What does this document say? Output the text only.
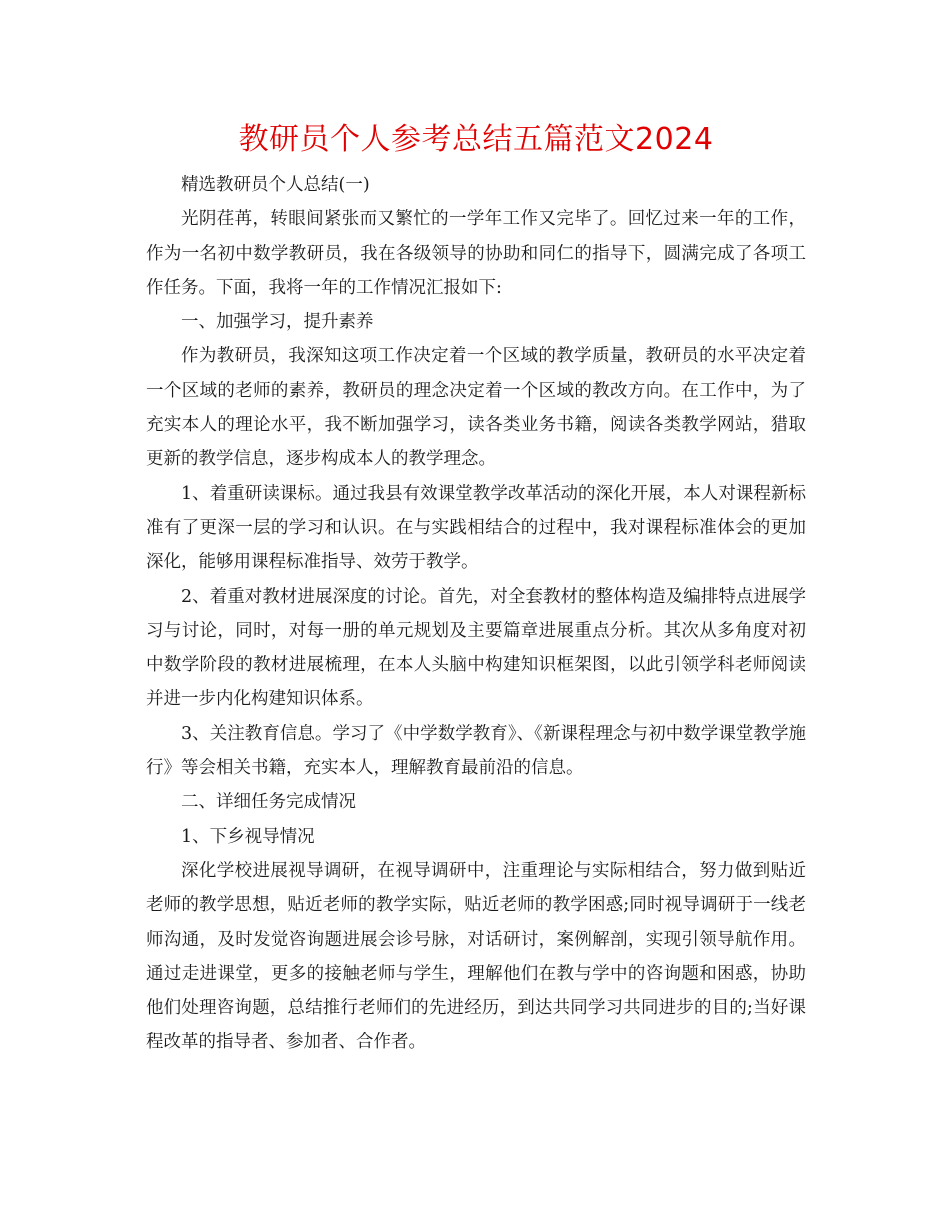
教研员个人参考总结五篇范文2024

精选教研员个人总结(一)

光阴荏苒，转眼间紧张而又繁忙的一学年工作又完毕了。回忆过来一年的工作，作为一名初中数学教研员，我在各级领导的协助和同仁的指导下，圆满完成了各项工作任务。下面，我将一年的工作情况汇报如下:

一、加强学习，提升素养

作为教研员，我深知这项工作决定着一个区域的教学质量，教研员的水平决定着一个区域的老师的素养，教研员的理念决定着一个区域的教改方向。在工作中，为了充实本人的理论水平，我不断加强学习，读各类业务书籍，阅读各类教学网站，猎取更新的教学信息，逐步构成本人的教学理念。

1、着重研读课标。通过我县有效课堂教学改革活动的深化开展，本人对课程新标准有了更深一层的学习和认识。在与实践相结合的过程中，我对课程标准体会的更加深化，能够用课程标准指导、效劳于教学。

2、着重对教材进展深度的讨论。首先，对全套教材的整体构造及编排特点进展学习与讨论，同时，对每一册的单元规划及主要篇章进展重点分析。其次从多角度对初中数学阶段的教材进展梳理，在本人头脑中构建知识框架图，以此引领学科老师阅读并进一步内化构建知识体系。

3、关注教育信息。学习了《中学数学教育》、《新课程理念与初中数学课堂教学施行》等会相关书籍，充实本人，理解教育最前沿的信息。

二、详细任务完成情况

1、下乡视导情况

深化学校进展视导调研，在视导调研中，注重理论与实际相结合，努力做到贴近老师的教学思想，贴近老师的教学实际，贴近老师的教学困惑;同时视导调研于一线老师沟通，及时发觉咨询题进展会诊号脉，对话研讨，案例解剖，实现引领导航作用。通过走进课堂，更多的接触老师与学生，理解他们在教与学中的咨询题和困惑，协助他们处理咨询题，总结推行老师们的先进经历，到达共同学习共同进步的目的;当好课程改革的指导者、参加者、合作者。
